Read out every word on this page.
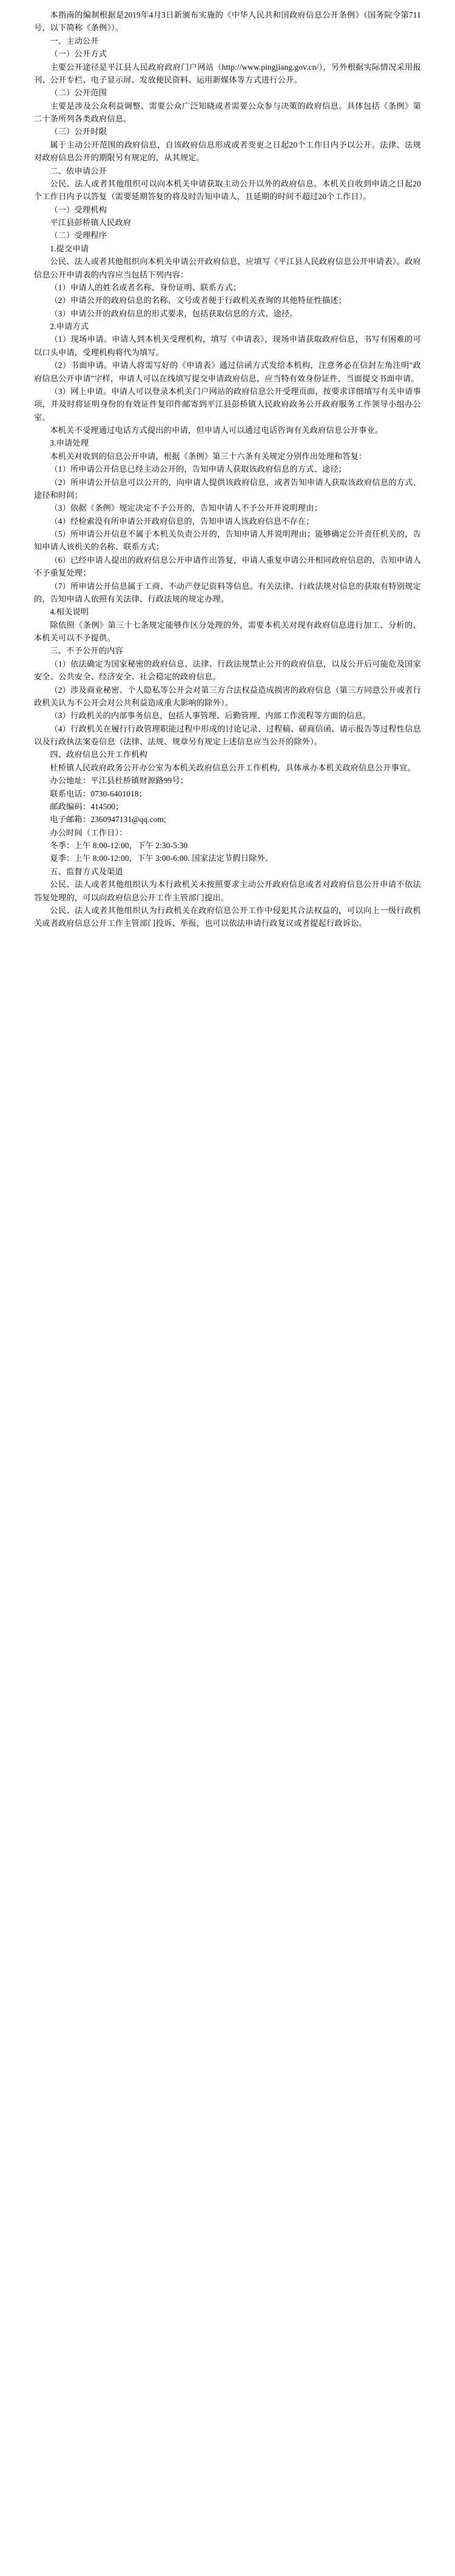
本指南的编制根据是2019年4月3日新颁布实施的《中华人民共和国政府信息公开条例》（国务院令第711号，以下简称《条例》）。

一、主动公开

（一）公开方式

主要公开途径是平江县人民政府政府门户网站（http://www.pingjiang.gov.cn/），另外根据实际情况采用报刊、公开专栏、电子显示屏、发放便民资料、运用新媒体等方式进行公开。

（二）公开范围

主要是涉及公众利益调整、需要公众广泛知晓或者需要公众参与决策的政府信息。具体包括《条例》第二十条所列各类政府信息。

（三）公开时限

属于主动公开范围的政府信息，自该政府信息形成或者变更之日起20个工作日内予以公开。法律、法规对政府信息公开的期限另有规定的，从其规定。

二、依申请公开

公民、法人或者其他组织可以向本机关申请获取主动公开以外的政府信息。本机关自收到申请之日起20个工作日内予以答复（需要延期答复的将及时告知申请人，且延期的时间不超过20个工作日）。

（一）受理机构

平江县彭桥镇人民政府

（二）受理程序

1.提交申请

公民、法人或者其他组织向本机关申请公开政府信息，应填写《平江县人民政府信息公开申请表》。政府信息公开申请表的内容应当包括下列内容：

（1）申请人的姓名或者名称、身份证明、联系方式；

（2）申请公开的政府信息的名称、文号或者便于行政机关查询的其他特征性描述；

（3）申请公开的政府信息的形式要求，包括获取信息的方式、途径。

2.申请方式

（1）现场申请。申请人到本机关受理机构，填写《申请表》，现场申请获取政府信息，书写有困难的可以口头申请，受理机构将代为填写。

（2）书面申请。申请人将需写好的《申请表》通过信函方式发给本机构，注意务必在信封左角注明"政府信息公开申请"字样，申请人可以在线填写提交申请政府信息，应当特有效身份证件，当面提交书面申请。

（3）网上申请。申请人可以登录本机关门户网站的政府信息公开受理页面，按要求详细填写有关申请事项，并及时将证明身份的有效证件复印件邮寄到平江县彭桥镇人民政府政务公开政府服务工作领导小组办公室。

本机关不受理通过电话方式提出的申请，但申请人可以通过电话咨询有关政府信息公开事业。

3.申请处理

本机关对收到的信息公开申请，根据《条例》第三十六条有关规定分别作出处理和答复：

（1）所申请公开信息已经主动公开的，告知申请人获取该政府信息的方式、途径；

（2）所申请公开信息可以公开的，向申请人提供该政府信息，或者告知申请人获取该政府信息的方式、途径和时间；

（3）依据《条例》规定决定不予公开的，告知申请人不予公开并说明理由；

（4）经检索没有所申请公开政府信息的，告知申请人该政府信息不存在；

（5）所申请公开信息不属于本机关负责公开的，告知申请人并说明理由；能够确定公开责任机关的，告知申请人该机关的名称、联系方式；

（6）已经申请人提出的政府信息公开申请作出答复，申请人重复申请公开相同政府信息的，告知申请人不予重复处理；

（7）所申请公开信息属于工商、不动产登记资料等信息。有关法律、行政法规对信息的获取有特别规定的，告知申请人依照有关法律、行政法规的规定办理。

4.相关说明

除依照《条例》第三十七条规定能够作区分处理的外，需要本机关对现有政府信息进行加工、分析的，本机关可以不予提供。

三、不予公开的内容

（1）依法确定为国家秘密的政府信息、法律、行政法规禁止公开的政府信息，以及公开后可能危及国家安全、公共安全、经济安全、社会稳定的政府信息。

（2）涉及商业秘密、个人隐私等公开会对第三方合法权益造成损害的政府信息（第三方同意公开或者行政机关认为不公开会对公共利益造成重大影响的除外）。

（3）行政机关的内部事务信息，包括人事管理、后勤管理、内部工作流程等方面的信息。

（4）行政机关在履行行政管理职能过程中形成的讨论记录、过程稿、磋商信函、请示报告等过程性信息以及行政执法案卷信息（法律、法规、规章另有规定上述信息应当公开的除外）。

四、政府信息公开工作机构

杜桥镇人民政府政务公开办公室为本机关政府信息公开工作机构，具体承办本机关政府信息公开事宜。

办公地址：平江县杜桥镇财源路99号；

联系电话：0730-6401018；

邮政编码：414500；

电子邮箱：2360947131@qq.com;

办公时间（工作日）：

冬季：上午 8:00-12:00，下午 2:30-5:30

夏季：上午 8:00-12:00，下午 3:00-6:00. 国家法定节假日除外。

五、监督方式及渠道

公民、法人或者其他组织认为本行政机关未按照要求主动公开政府信息或者对政府信息公开申请不依法答复处理的，可以向政府信息公开工作主管部门提出。

公民、法人或者其他组织认为行政机关在政府信息公开工作中侵犯其合法权益的，可以向上一级行政机关或者政府信息公开工作主管部门投诉、举报，也可以依法申请行政复议或者提起行政诉讼。
